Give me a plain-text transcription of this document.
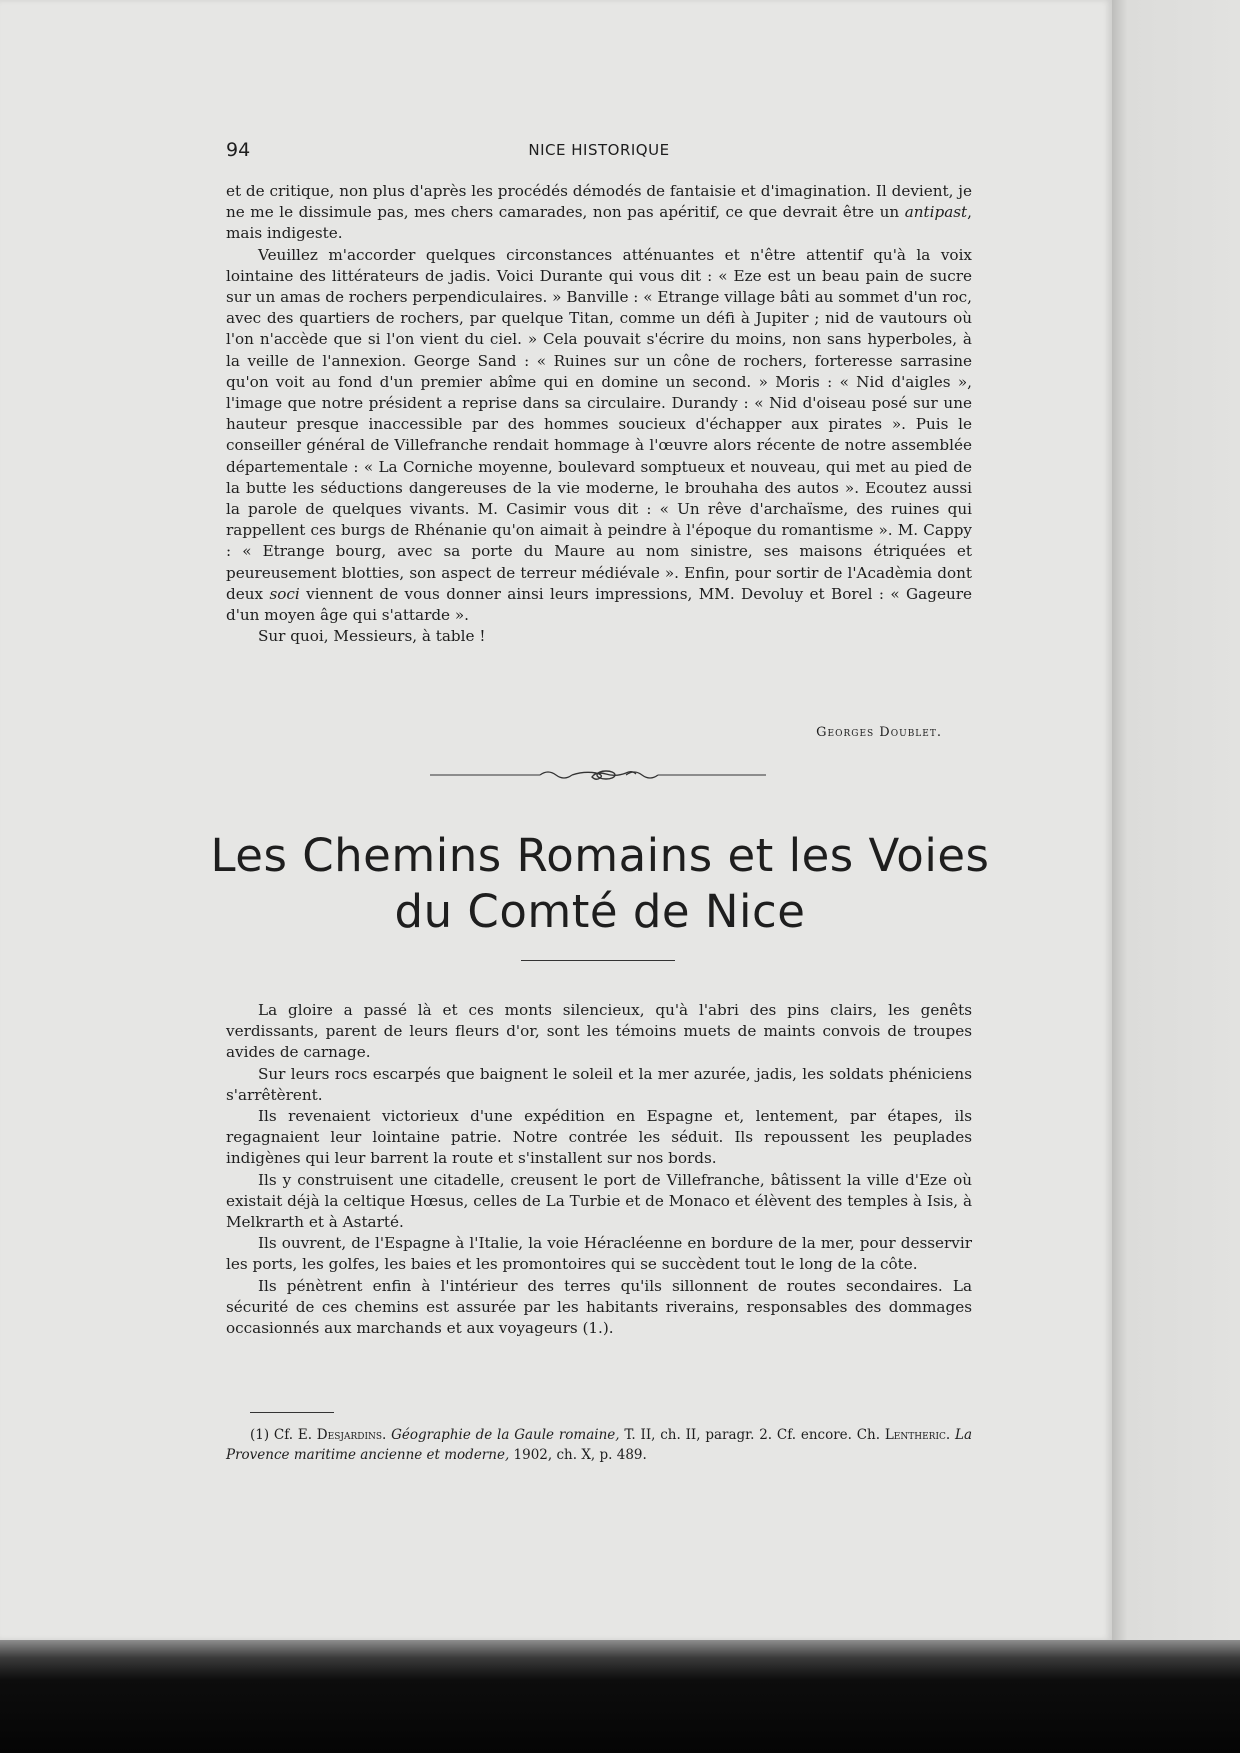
94	NICE HISTORIQUE

et de critique, non plus d'après les procédés démodés de fantaisie et d'imagination. Il devient, je ne me le dissimule pas, mes chers camarades, non pas apéritif, ce que devrait être un antipast, mais indigeste.

Veuillez m'accorder quelques circonstances atténuantes et n'être attentif qu'à la voix lointaine des littérateurs de jadis. Voici Durante qui vous dit : « Eze est un beau pain de sucre sur un amas de rochers perpendiculaires. » Banville : « Etrange village bâti au sommet d'un roc, avec des quartiers de rochers, par quelque Titan, comme un défi à Jupiter ; nid de vautours où l'on n'accède que si l'on vient du ciel. » Cela pouvait s'écrire du moins, non sans hyperboles, à la veille de l'annexion. George Sand : « Ruines sur un cône de rochers, forteresse sarrasine qu'on voit au fond d'un premier abîme qui en domine un second. » Moris : « Nid d'aigles », l'image que notre président a reprise dans sa circulaire. Durandy : « Nid d'oiseau posé sur une hauteur presque inaccessible par des hommes soucieux d'échapper aux pirates ». Puis le conseiller général de Villefranche rendait hommage à l'œuvre alors récente de notre assemblée départementale : « La Corniche moyenne, boulevard somptueux et nouveau, qui met au pied de la butte les séductions dangereuses de la vie moderne, le brouhaha des autos ». Ecoutez aussi la parole de quelques vivants. M. Casimir vous dit : « Un rêve d'archaïsme, des ruines qui rappellent ces burgs de Rhénanie qu'on aimait à peindre à l'époque du romantisme ». M. Cappy : « Etrange bourg, avec sa porte du Maure au nom sinistre, ses maisons étriquées et peureusement blotties, son aspect de terreur médiévale ». Enfin, pour sortir de l'Acadèmia dont deux soci viennent de vous donner ainsi leurs impressions, MM. Devoluy et Borel : « Gageure d'un moyen âge qui s'attarde ».

Sur quoi, Messieurs, à table !

Georges Doublet.
Les Chemins Romains et les Voies
du Comté de Nice

La gloire a passé là et ces monts silencieux, qu'à l'abri des pins clairs, les genêts verdissants, parent de leurs fleurs d'or, sont les témoins muets de maints convois de troupes avides de carnage.

Sur leurs rocs escarpés que baignent le soleil et la mer azurée, jadis, les soldats phéniciens s'arrêtèrent.

Ils revenaient victorieux d'une expédition en Espagne et, lentement, par étapes, ils regagnaient leur lointaine patrie. Notre contrée les séduit. Ils repoussent les peuplades indigènes qui leur barrent la route et s'installent sur nos bords.

Ils y construisent une citadelle, creusent le port de Villefranche, bâtissent la ville d'Eze où existait déjà la celtique Hœsus, celles de La Turbie et de Monaco et élèvent des temples à Isis, à Melkrarth et à Astarté.

Ils ouvrent, de l'Espagne à l'Italie, la voie Héracléenne en bordure de la mer, pour desservir les ports, les golfes, les baies et les promontoires qui se succèdent tout le long de la côte.

Ils pénètrent enfin à l'intérieur des terres qu'ils sillonnent de routes secondaires. La sécurité de ces chemins est assurée par les habitants riverains, responsables des dommages occasionnés aux marchands et aux voyageurs (1.).

(1) Cf. E. Desjardins. Géographie de la Gaule romaine, T. II, ch. II, paragr. 2. Cf. encore. Ch. Lentheric. La Provence maritime ancienne et moderne, 1902, ch. X, p. 489.
